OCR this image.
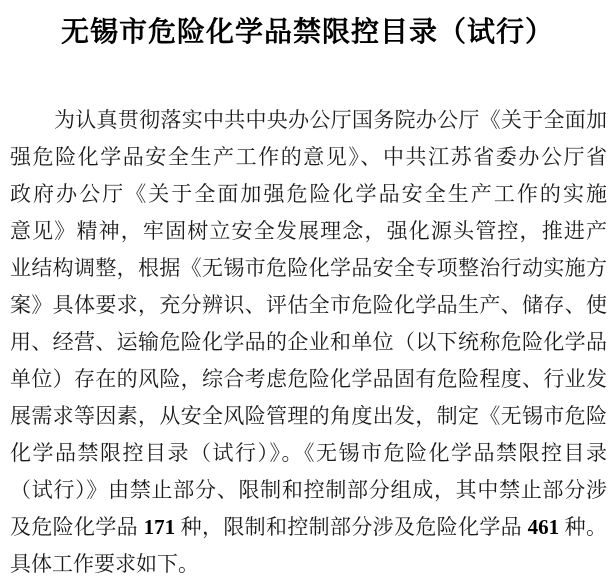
无锡市危险化学品禁限控目录（试行）
为认真贯彻落实中共中央办公厅国务院办公厅《关于全面加
强危险化学品安全生产工作的意见》、中共江苏省委办公厅省
政府办公厅《关于全面加强危险化学品安全生产工作的实施
意见》精神，牢固树立安全发展理念，强化源头管控，推进产
业结构调整，根据《无锡市危险化学品安全专项整治行动实施方
案》具体要求，充分辨识、评估全市危险化学品生产、储存、使
用、经营、运输危险化学品的企业和单位（以下统称危险化学品
单位）存在的风险，综合考虑危险化学品固有危险程度、行业发
展需求等因素，从安全风险管理的角度出发，制定《无锡市危险
化学品禁限控目录（试行）》。《无锡市危险化学品禁限控目录
（试行）》由禁止部分、限制和控制部分组成，其中禁止部分涉
及危险化学品 171 种，限制和控制部分涉及危险化学品 461 种。
具体工作要求如下。
